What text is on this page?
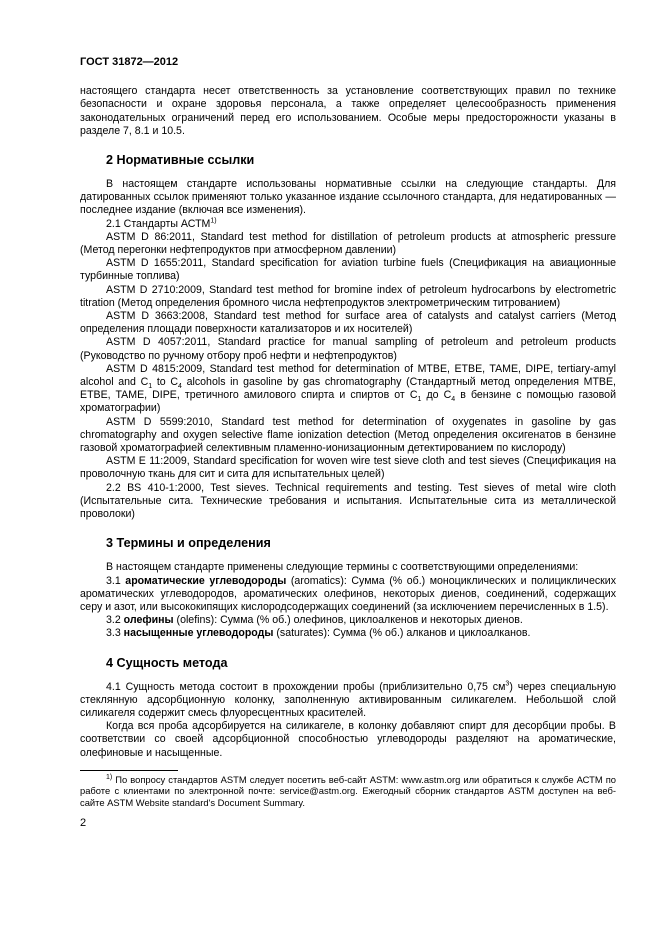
ГОСТ 31872—2012

настоящего стандарта несет ответственность за установление соответствующих правил по технике безопасности и охране здоровья персонала, а также определяет целесообразность применения законодательных ограничений перед его использованием. Особые меры предосторожности указаны в разделе 7, 8.1 и 10.5.

2 Нормативные ссылки

В настоящем стандарте использованы нормативные ссылки на следующие стандарты. Для датированных ссылок применяют только указанное издание ссылочного стандарта, для недатированных — последнее издание (включая все изменения).

2.1 Стандарты АСТМ$^{1)}$

ASTM D 86:2011, Standard test method for distillation of petroleum products at atmospheric pressure (Метод перегонки нефтепродуктов при атмосферном давлении)

ASTM D 1655:2011, Standard specification for aviation turbine fuels (Спецификация на авиационные турбинные топлива)

ASTM D 2710:2009, Standard test method for bromine index of petroleum hydrocarbons by electrometric titration (Метод определения бромного числа нефтепродуктов электрометрическим титрованием)

ASTM D 3663:2008, Standard test method for surface area of catalysts and catalyst carriers (Метод определения площади поверхности катализаторов и их носителей)

ASTM D 4057:2011, Standard practice for manual sampling of petroleum and petroleum products (Руководство по ручному отбору проб нефти и нефтепродуктов)

ASTM D 4815:2009, Standard test method for determination of MTBE, ETBE, TAME, DIPE, tertiary-amyl alcohol and $C_1$ to $C_4$ alcohols in gasoline by gas chromatography (Стандартный метод определения MTBE, ETBE, TAME, DIPE, третичного амилового спирта и спиртов от $С_1$ до $С_4$ в бензине с помощью газовой хроматографии)

ASTM D 5599:2010, Standard test method for determination of oxygenates in gasoline by gas chromatography and oxygen selective flame ionization detection (Метод определения оксигенатов в бензине газовой хроматографией селективным пламенно-ионизационным детектированием по кислороду)

ASTM E 11:2009, Standard specification for woven wire test sieve cloth and test sieves (Спецификация на проволочную ткань для сит и сита для испытательных целей)

2.2 BS 410-1:2000, Test sieves. Technical requirements and testing. Test sieves of metal wire cloth (Испытательные сита. Технические требования и испытания. Испытательные сита из металлической проволоки)

3 Термины и определения

В настоящем стандарте применены следующие термины с соответствующими определениями:

3.1 ароматические углеводороды (aromatics): Сумма (% об.) моноциклических и полициклических ароматических углеводородов, ароматических олефинов, некоторых диенов, соединений, содержащих серу и азот, или высококипящих кислородсодержащих соединений (за исключением перечисленных в 1.5).

3.2 олефины (olefins): Сумма (% об.) олефинов, циклоалкенов и некоторых диенов.

3.3 насыщенные углеводороды (saturates): Сумма (% об.) алканов и циклоалканов.

4 Сущность метода

4.1 Сущность метода состоит в прохождении пробы (приблизительно 0,75 $см^3$) через специальную стеклянную адсорбционную колонку, заполненную активированным силикагелем. Небольшой слой силикагеля содержит смесь флуоресцентных красителей.

Когда вся проба адсорбируется на силикагеле, в колонку добавляют спирт для десорбции пробы. В соответствии со своей адсорбционной способностью углеводороды разделяют на ароматические, олефиновые и насыщенные.

$^{1)}$ По вопросу стандартов ASTM следует посетить веб-сайт ASTM: www.astm.org или обратиться к службе АСТМ по работе с клиентами по электронной почте: service@astm.org. Ежегодный сборник стандартов ASTM доступен на веб-сайте ASTM Website standard's Document Summary.

2
